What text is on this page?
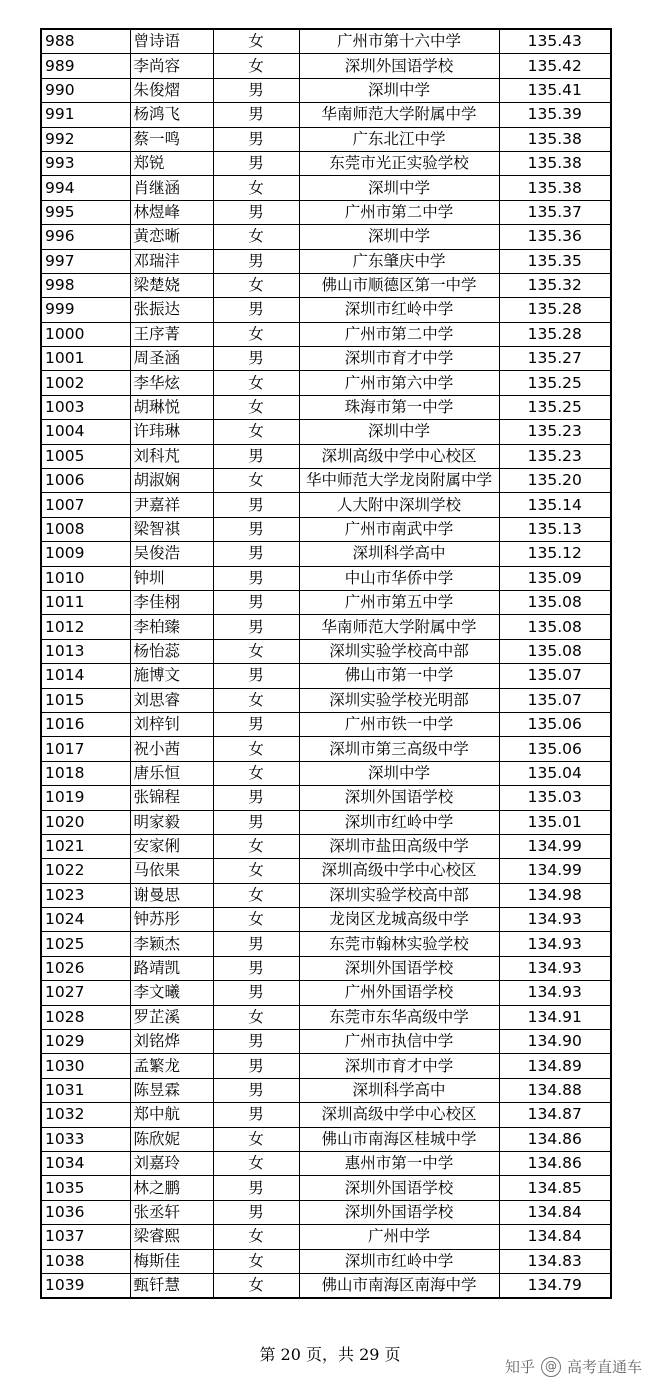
988	曾诗语	女	广州市第十六中学	135.43
989	李尚容	女	深圳外国语学校	135.42
990	朱俊熠	男	深圳中学	135.41
991	杨鸿飞	男	华南师范大学附属中学	135.39
992	蔡一鸣	男	广东北江中学	135.38
993	郑锐	男	东莞市光正实验学校	135.38
994	肖继涵	女	深圳中学	135.38
995	林煜峰	男	广州市第二中学	135.37
996	黄恋晰	女	深圳中学	135.36
997	邓瑞沣	男	广东肇庆中学	135.35
998	梁楚娆	女	佛山市顺德区第一中学	135.32
999	张振达	男	深圳市红岭中学	135.28
1000	王序菁	女	广州市第二中学	135.28
1001	周圣涵	男	深圳市育才中学	135.27
1002	李华炫	女	广州市第六中学	135.25
1003	胡琳悦	女	珠海市第一中学	135.25
1004	许玮琳	女	深圳中学	135.23
1005	刘科芃	男	深圳高级中学中心校区	135.23
1006	胡淑娴	女	华中师范大学龙岗附属中学	135.20
1007	尹嘉祥	男	人大附中深圳学校	135.14
1008	梁智祺	男	广州市南武中学	135.13
1009	吴俊浩	男	深圳科学高中	135.12
1010	钟圳	男	中山市华侨中学	135.09
1011	李佳栩	男	广州市第五中学	135.08
1012	李柏臻	男	华南师范大学附属中学	135.08
1013	杨怡蕊	女	深圳实验学校高中部	135.08
1014	施博文	男	佛山市第一中学	135.07
1015	刘思睿	女	深圳实验学校光明部	135.07
1016	刘梓钊	男	广州市铁一中学	135.06
1017	祝小茜	女	深圳市第三高级中学	135.06
1018	唐乐恒	女	深圳中学	135.04
1019	张锦程	男	深圳外国语学校	135.03
1020	明家毅	男	深圳市红岭中学	135.01
1021	安家俐	女	深圳市盐田高级中学	134.99
1022	马依果	女	深圳高级中学中心校区	134.99
1023	谢曼思	女	深圳实验学校高中部	134.98
1024	钟苏彤	女	龙岗区龙城高级中学	134.93
1025	李颖杰	男	东莞市翰林实验学校	134.93
1026	路靖凯	男	深圳外国语学校	134.93
1027	李文曦	男	广州外国语学校	134.93
1028	罗芷溪	女	东莞市东华高级中学	134.91
1029	刘铭烨	男	广州市执信中学	134.90
1030	孟繁龙	男	深圳市育才中学	134.89
1031	陈昱霖	男	深圳科学高中	134.88
1032	郑中航	男	深圳高级中学中心校区	134.87
1033	陈欣妮	女	佛山市南海区桂城中学	134.86
1034	刘嘉玲	女	惠州市第一中学	134.86
1035	林之鹏	男	深圳外国语学校	134.85
1036	张丞轩	男	深圳外国语学校	134.84
1037	梁睿熙	女	广州中学	134.84
1038	梅斯佳	女	深圳市红岭中学	134.83
1039	甄钎慧	女	佛山市南海区南海中学	134.79
第 20 页，共 29 页
知乎 @ 高考直通车
